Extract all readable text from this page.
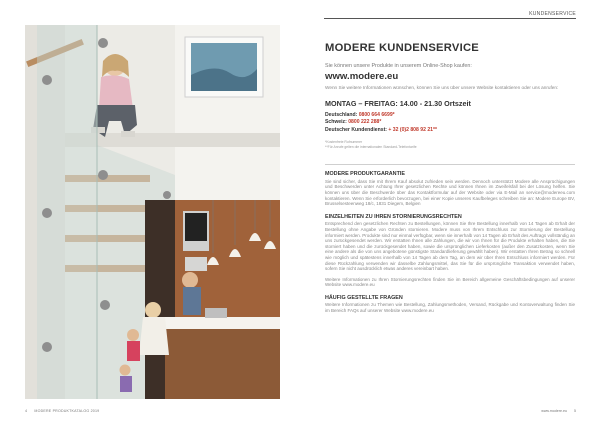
4 MODERE PRODUKTKATALOG 2019
KUNDENSERVICE
MODERE KUNDENSERVICE
Sie können unsere Produkte in unserem Online-Shop kaufen:
www.modere.eu
Wenn Sie weitere Informationen wünschen, können Sie uns über unsere Website kontaktieren oder uns anrufen:
MONTAG – FREITAG: 14.00 - 21.30 Ortszeit
Deutschland: 0800 664 6699*
Schweiz: 0800 222 288*
Deutscher Kundendienst: + 32 (0)2 808 92 21**
*Kostenfreie Rufnummer
**Für Anrufe gelten die internationalen Standard-Telefontarife
MODERE PRODUKTGARANTIE
Sie sind sicher, dass Sie mit Ihrem Kauf absolut zufrieden sein werden. Dennoch unterstützt Modere alle Ansprüchigungen und Beschwerden unter Achtung Ihrer gesetzlichen Rechte und können Ihnen im Zweifelsfall bei der Lösung helfen. Sie können uns über die Beschwerde über das Kontaktformular auf der Website oder via E-Mail an service@modereeu.com kontaktieren. Wenn Sie erforderlich bevorzugen, bei einer Kopie unseres Kaufbeleges schreiben Sie an: Modere Europe BV, Brusselsesteenweg 18/c, 1831 Diegem, Belgien
EINZELHEITEN ZU IHREN STORNIERUNGSRECHTEN
Entsprechend den gesetzlichen Rechten zu Bestellungen, können Sie Ihre Bestellung innerhalb von 14 Tagen ab Erhalt der Bestellung ohne Angabe von Gründen stornieren. Modere muss von Ihrem Entschluss zur Stornierung der Bestellung informiert werden. Produkte sind nur einmal verfügbar, wenn sie innerhalb von 14 Tagen ab Erhalt des Auftrags vollständig an uns zurückgesendet werden. Wir erstatten Ihnen alle Zahlungen, die wir von Ihnen für die Produkte erhalten haben, die Sie storniert haben und die zurückgesendet haben, sowie die ursprünglichen Lieferkosten (außer den Zusatzkosten, wenn Sie eine andere als die von uns angebotene günstigste Standardlieferung gewählt haben). Wir erstatten Ihren Betrag so schnell wie möglich und spätestens innerhalb von 14 Tagen ab dem Tag, an dem wir über Ihren Entschluss informiert werden. Für diese Rückzahlung verwenden wir dasselbe Zahlungsmittel, das Sie für die ursprüngliche Transaktion verwendet haben, sofern Sie nicht ausdrücklich etwas anderes vereinbart haben.
Weitere Informationen zu Ihren Stornierungsrechten finden Sie im Bereich allgemeine Geschäftsbedingungen auf unserer Website www.modere.eu
HÄUFIG GESTELLTE FRAGEN
Weitere Informationen zu Themen wie Bestellung, Zahlungsmethoden, Versand, Rückgabe und Kontoverwaltung finden Sie im Bereich FAQs auf unserer Website www.modere.eu
www.modere.eu 5
